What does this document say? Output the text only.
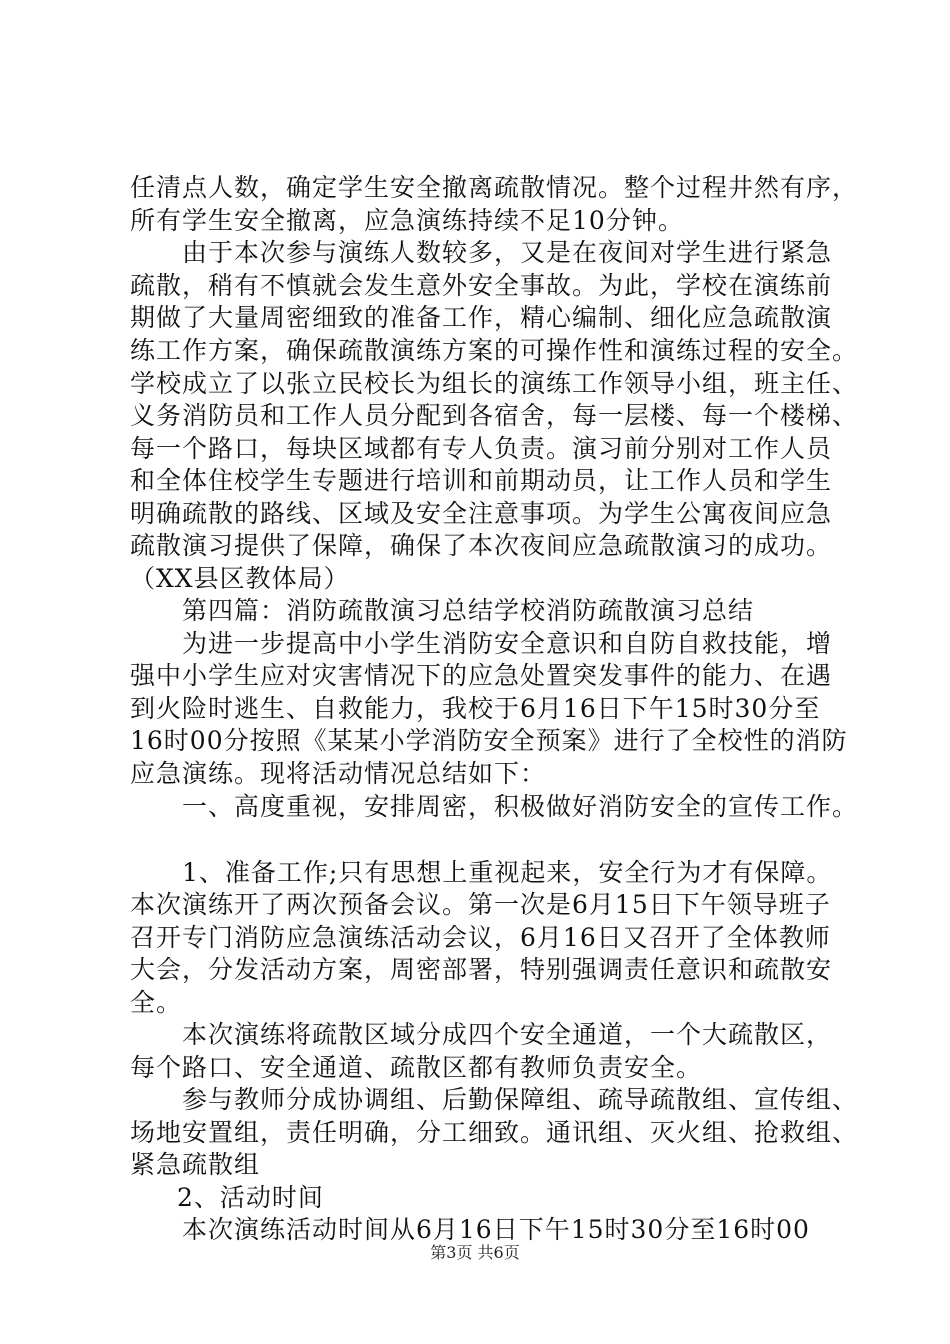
任清点人数，确定学生安全撤离疏散情况。整个过程井然有序，
所有学生安全撤离，应急演练持续不足10分钟。
由于本次参与演练人数较多，又是在夜间对学生进行紧急
疏散，稍有不慎就会发生意外安全事故。为此，学校在演练前
期做了大量周密细致的准备工作，精心编制、细化应急疏散演
练工作方案，确保疏散演练方案的可操作性和演练过程的安全。
学校成立了以张立民校长为组长的演练工作领导小组，班主任、
义务消防员和工作人员分配到各宿舍，每一层楼、每一个楼梯、
每一个路口，每块区域都有专人负责。演习前分别对工作人员
和全体住校学生专题进行培训和前期动员，让工作人员和学生
明确疏散的路线、区域及安全注意事项。为学生公寓夜间应急
疏散演习提供了保障，确保了本次夜间应急疏散演习的成功。
（XX县区教体局）
第四篇：消防疏散演习总结学校消防疏散演习总结
为进一步提高中小学生消防安全意识和自防自救技能，增
强中小学生应对灾害情况下的应急处置突发事件的能力、在遇
到火险时逃生、自救能力，我校于6月16日下午15时30分至
16时00分按照《某某小学消防安全预案》进行了全校性的消防
应急演练。现将活动情况总结如下：
一、高度重视，安排周密，积极做好消防安全的宣传工作。
1、准备工作;只有思想上重视起来，安全行为才有保障。
本次演练开了两次预备会议。第一次是6月15日下午领导班子
召开专门消防应急演练活动会议，6月16日又召开了全体教师
大会，分发活动方案，周密部署，特别强调责任意识和疏散安
全。
本次演练将疏散区域分成四个安全通道，一个大疏散区，
每个路口、安全通道、疏散区都有教师负责安全。
参与教师分成协调组、后勤保障组、疏导疏散组、宣传组、
场地安置组，责任明确，分工细致。通讯组、灭火组、抢救组、
紧急疏散组
2、活动时间
本次演练活动时间从6月16日下午15时30分至16时00
第3页 共6页
